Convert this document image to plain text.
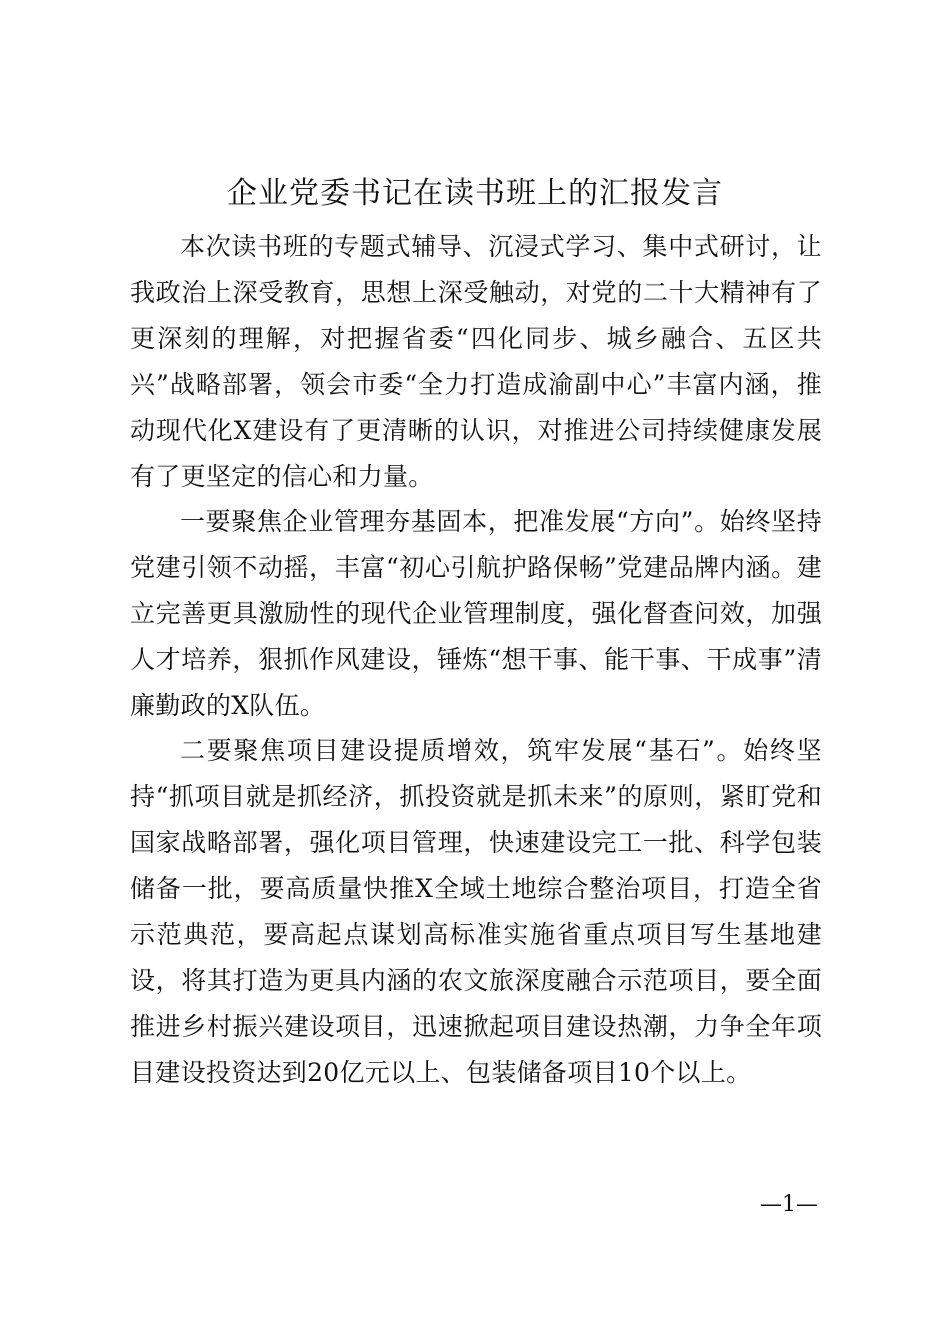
企业党委书记在读书班上的汇报发言

本次读书班的专题式辅导、沉浸式学习、集中式研讨，让我政治上深受教育，思想上深受触动，对党的二十大精神有了更深刻的理解，对把握省委“四化同步、城乡融合、五区共兴”战略部署，领会市委“全力打造成渝副中心”丰富内涵，推动现代化X建设有了更清晰的认识，对推进公司持续健康发展有了更坚定的信心和力量。

一要聚焦企业管理夯基固本，把准发展“方向”。始终坚持党建引领不动摇，丰富“初心引航护路保畅”党建品牌内涵。建立完善更具激励性的现代企业管理制度，强化督查问效，加强人才培养，狠抓作风建设，锤炼“想干事、能干事、干成事”清廉勤政的X队伍。

二要聚焦项目建设提质增效，筑牢发展“基石”。始终坚持“抓项目就是抓经济，抓投资就是抓未来”的原则，紧盯党和国家战略部署，强化项目管理，快速建设完工一批、科学包装储备一批，要高质量快推X全域土地综合整治项目，打造全省示范典范，要高起点谋划高标准实施省重点项目写生基地建设，将其打造为更具内涵的农文旅深度融合示范项目，要全面推进乡村振兴建设项目，迅速掀起项目建设热潮，力争全年项目建设投资达到20亿元以上、包装储备项目10个以上。

—1—
